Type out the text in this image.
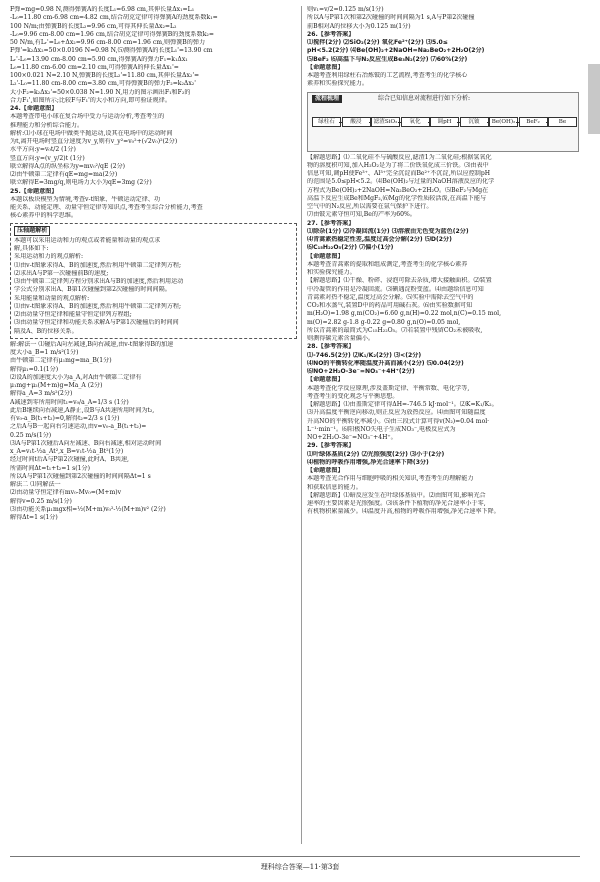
F弹=mg=0.98 N,测得弹簧A的长度L₁=6.98 cm,其伸长量Δx₁=L₁
-L₀=11.80 cm-6.98 cm=4.82 cm,结合胡克定律可得弹簧A的劲度系数k₁=
100 N/m;由弹簧B的长度L₂=9.96 cm,可得其伸长量Δx₂=L₂
-L₀=9.96 cm-8.00 cm=1.96 cm,结合胡克定律可得弹簧B的劲度系数k₂=
50 N/m,有Lᵣ'=L₀+Δx₂=9.96 cm-8.00 cm=1.96 cm,则弹簧B的弹力
F弹'=k₂Δx₂=50×0.0196 N=0.98 N,⑸测得弹簧A的长度L₁'=13.90 cm
Lᵣ'-L₀=13.90 cm-8.00 cm=5.90 cm,得弹簧A的弹力F₁=k₁Δx₁
L₀=11.80 cm-6.00 cm=2.10 cm,可得弹簧A的伸长量Δx₁'=
100×0.021 N=2.10 N,弹簧B的长度L₂'=11.80 cm,其伸长量Δx₂'=
L₂'-L₀=11.80 cm-8.00 cm=3.80 cm,可得弹簧B的弹力F₂=k₂Δx₂'
大小F₂=k₂Δx₂'=50×0.038 N=1.90 N,用力的图示画出F₁和F₂的
合力F₁',如图所示;比较F与F₁'的大小和方向,即可验证规律。
24.【命题意图】
本题考查带电小球在复合场中受力与运动分析,考查考生的
推理能力和分析综合能力。
解析:⑴小球在电场中做类平抛运动,设其在电场中的运动时间
为t,离开电场时竖直分速度为v_y,则有v_y²=v₀²+(√2v₀)²(2分)
水平方向:y=v₀t/2 (1分)
竖直方向:y=(v_y/2)t (1分)
联立解得A点的纵坐标为y=mv₀²/qE (2分)
⑵由牛顿第二定律有qE=mg=ma(2分)
联立解得E=3mg/q,则电场力大小为qE=3mg (2分)
25.【命题意图】
本题以板块模型为情境,考查v-t图象、牛顿运动定律、功
能关系、动能定理、动量守恒定律等知识点,考查考生综合分析能力,考查
核心素养中的科学思维。
压轴题解析
本题可以采用运动和力的观点或者能量和动量的观点求
解,具体如下:
采用运动和力的观点解析:
⑴由v-t图象求得A、B的加速度,然后利用牛顿第二定律列方程;
⑵求出A与P第一次碰撞前B的速度;
⑶由牛顿第二定律列方程分别求出A与B的加速度,然后利用运动
学公式分别求出A、B第1次碰撞到第2次碰撞的时间间隔。
采用能量和动量的观点解析:
⑴由v-t图象求得A、B的加速度,然后利用牛顿第二定律列方程;
⑵由动量守恒定律和能量守恒定律列方程组;
⑶由动量守恒定律和功能关系求解A与P第1次碰撞后的时间间
隔及A、B的位移关系。
解:解法一 ⑴碰后A向左减速,B向右减速,由v-t图象得B的加速
度大小a_B=1 m/s²(1分)
由牛顿第二定律有μ₁mg=ma_B(1分)
解得μ₁=0.1(1分)
⑵设A的加速度大小为a_A,对A由牛顿第二定律有
μ₁mg+μ₂(M+m)g=Ma_A (2分)
解得a_A=3 m/s²(2分)
A减速到零所用时间t₁=v₀/a_A=1/3 s (1分)
此后B继续向右减速,A静止,设B与A共速所用时间为t₂,
有v₀-a_B(t₁+t₂)=0,解得t₂=2/3 s (1分)
之后A与B一起向右匀速运动,由v=v₀-a_B(t₁+t₂)=
0.25 m/s(1分)
⑶A与P第1次碰后A向左减速、B向右减速,相对运动时间
x_A=v₁t-½a_At²,x_B=v₁t-½a_Bt²(1分)
经过时间t后A与P第2次碰撞,此时A、B共速,
所需时间Δt=t₁+t₂=1 s(1分)
所以A与P第1次碰撞到第2次碰撞的时间间隔Δt=1 s
解法二 ⑴同解法一
⑵由动量守恒定律有mv₀-Mv₀=(M+m)v
解得v=0.25 m/s(1分)
⑶由功能关系μ₁mgx相=½(M+m)v₀²-½(M+m)v² (2分)
解得Δt=1 s(1分)
则v₁=v/2=0.125 m/s(1分)
所以A与P第1次和第2次碰撞的时间间隔为1 s,A与P第2次碰撞
前B相对A的位移大小为0.125 m(1分)
26.【参考答案】
⑴搅拌(2分) ⑵SiO₂(2分) 氧化Fe²⁺(2分) ⑶5.0≤
pH<5.2(2分) ⑷Be(OH)₂+2NaOH=Na₂BeO₂+2H₂O(2分)
⑸BeF₂ ⑹高温下与N₂反应生成Be₃N₂(2分) ⑺60%(2分)
【命题意图】
本题考查利用绿柱石冶炼铍的工艺流程,考查考生的化学核心
素养和实验探究能力。
流程梳理	综合已知信息对流程进行如下分析:
绿柱石	酸浸	滤渣SiO₂	氧化	调pH	沉铍	Be(OH)₂	BeF₂	Be
【解题思路】⑴二氧化硅不与硫酸反应,滤渣1为二氧化硅;根据氢氧化
物的溶度积可知,加入H₂O₂是为了将二价铁氧化成三价铁。⑶由表中
信息可知,调pH使Fe³⁺、Al³⁺完全沉淀而Be²⁺不沉淀,所以应控制pH
的范围是5.0≤pH<5.2。⑷Be(OH)₂与过量的NaOH溶液反应的化学
方程式为Be(OH)₂+2NaOH=Na₂BeO₂+2H₂O。⑸BeF₂与Mg在
高温下反应生成Be和MgF₂,⑹Mg的化学性质较活泼,在高温下能与
空气中的N₂反应,所以需要在氩气保护下进行。
⑺由铍元素守恒可知,Be的产率为60%。
27.【参考答案】
⑴除杂(1分) ⑵冷凝回流(1分) ⑶溶液由无色变为蓝色(2分)
⑷青蒿素热稳定性差,温度过高会分解(2分) ⑸D(2分)
⑹C₁₅H₂₂O₅(2分) ⑺偏小(1分)
【命题意图】
本题考查青蒿素的提取和组成测定,考查考生的化学核心素养
和实验探究能力。
【解题思路】⑴干燥、粉碎、浸泡可除去杂质,增大接触面积。⑵装置
中冷凝管的作用是冷凝回流。⑶碘遇淀粉变蓝。⑷由题给信息可知
青蒿素对热不稳定,温度过高会分解。⑸实验中需除去空气中的
CO₂和水蒸气,装置D中的药品可用碱石灰。⑹由实验数据可知
m(H₂O)=1.98 g,m(CO₂)=6.60 g,n(H)=0.22 mol,n(C)=0.15 mol,
m(O)=2.82 g-1.8 g-0.22 g=0.80 g,n(O)=0.05 mol,
所以青蒿素的最简式为C₁₅H₂₂O₅。⑺若装置中残留CO₂未被吸收,
则测得碳元素含量偏小。
28.【参考答案】
⑴-746.5(2分) ⑵K₁/K₂(2分) ⑶<(2分)
⑷NO的平衡转化率随温度升高而减小(2分) ⑸0.04(2分)
⑹NO+2H₂O-3e⁻=NO₃⁻+4H⁺(2分)
【命题意图】
本题考查化学反应原理,涉及盖斯定律、平衡常数、电化学等,
考查考生的变化观念与平衡思想。
【解题思路】⑴由盖斯定律可得ΔH=-746.5 kJ·mol⁻¹。⑵K=K₁/K₂。
⑶升高温度平衡逆向移动,则正反应为放热反应。⑷由图可知随温度
升高NO的平衡转化率减小。⑸由三段式计算可得v(N₂)=0.04 mol·
L⁻¹·min⁻¹。⑹阳极NO失电子生成NO₃⁻,电极反应式为
NO+2H₂O-3e⁻=NO₃⁻+4H⁺。
29.【参考答案】
⑴叶绿体基质(2分) ⑵光照强度(2分) ⑶小于(2分)
⑷植物的呼吸作用增强,净光合速率下降(3分)
【命题意图】
本题考查光合作用与细胞呼吸的相关知识,考查考生的理解能力
和获取信息的能力。
【解题思路】⑴暗反应发生在叶绿体基质中。⑵由图可知,影响光合
速率的主要因素是光照强度。⑶该条件下植物的净光合速率小于零,
有机物积累量减少。⑷温度升高,植物的呼吸作用增强,净光合速率下降。
理科综合答案—11·第3套
